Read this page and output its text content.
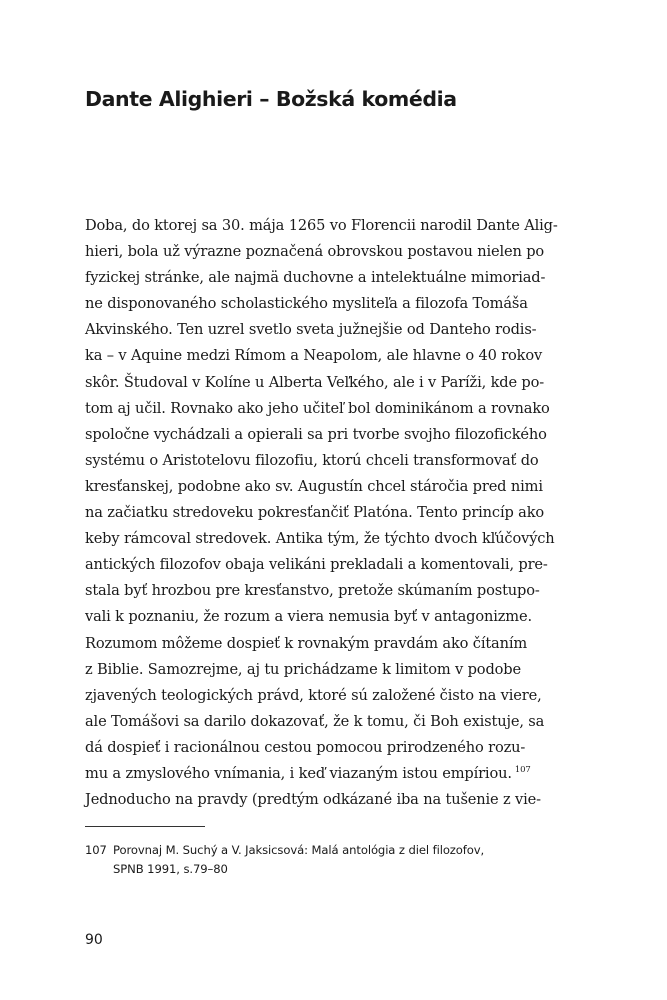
Dante Alighieri – Božská komédia
Doba, do ktorej sa 30. mája 1265 vo Florencii narodil Dante Alig-
hieri, bola už výrazne poznačená obrovskou postavou nielen po
fyzickej stránke, ale najmä duchovne a intelektuálne mimoriad-
ne disponovaného scholastického mysliteľa a filozofa Tomáša
Akvinského. Ten uzrel svetlo sveta južnejšie od Danteho rodis-
ka – v Aquine medzi Rímom a Neapolom, ale hlavne o 40 rokov
skôr. Študoval v Kolíne u Alberta Veľkého, ale i v Paríži, kde po-
tom aj učil. Rovnako ako jeho učiteľ bol dominikánom a rovnako
spoločne vychádzali a opierali sa pri tvorbe svojho filozofického
systému o Aristotelovu filozofiu, ktorú chceli transformovať do
kresťanskej, podobne ako sv. Augustín chcel stáročia pred nimi
na začiatku stredoveku pokresťančiť Platóna. Tento princíp ako
keby rámcoval stredovek. Antika tým, že týchto dvoch kľúčových
antických filozofov obaja velikáni prekladali a komentovali, pre-
stala byť hrozbou pre kresťanstvo, pretože skúmaním postupo-
vali k poznaniu, že rozum a viera nemusia byť v antagonizme.
Rozumom môžeme dospieť k rovnakým pravdám ako čítaním
z Biblie. Samozrejme, aj tu prichádzame k limitom v podobe
zjavených teologických právd, ktoré sú založené čisto na viere,
ale Tomášovi sa darilo dokazovať, že k tomu, či Boh existuje, sa
dá dospieť i racionálnou cestou pomocou prirodzeného rozu-
mu a zmyslového vnímania, i keď viazaným istou empíriou. $^{107}$
Jednoducho na pravdy (predtým odkázané iba na tušenie z vie-
107 Porovnaj M. Suchý a V. Jaksicsová: Malá antológia z diel filozofov,
SPNB 1991, s.79–80
90
